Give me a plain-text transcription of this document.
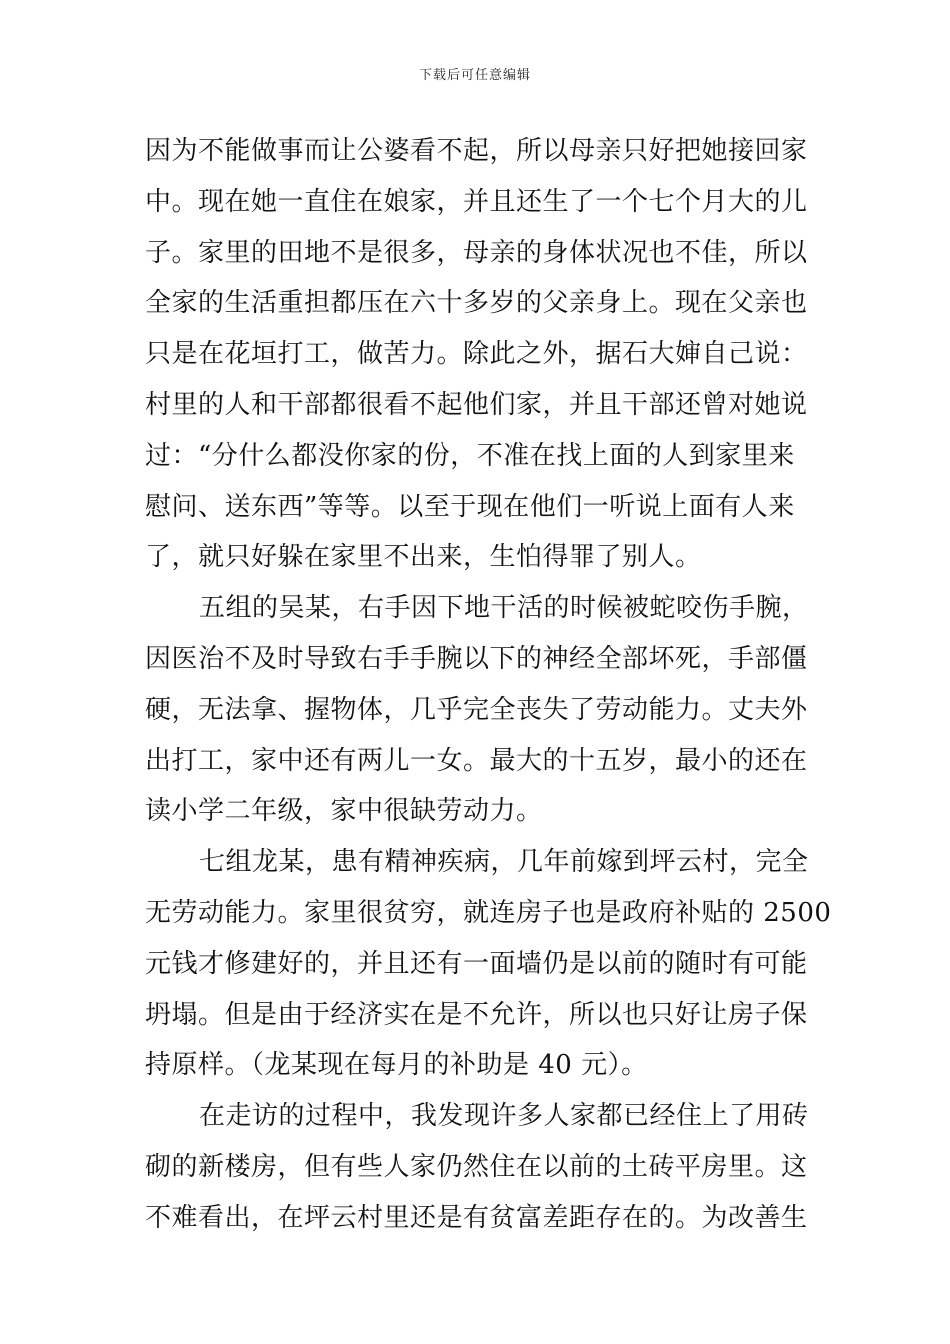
下载后可任意编辑
因为不能做事而让公婆看不起，所以母亲只好把她接回家
中。现在她一直住在娘家，并且还生了一个七个月大的儿
子。家里的田地不是很多，母亲的身体状况也不佳，所以
全家的生活重担都压在六十多岁的父亲身上。现在父亲也
只是在花垣打工，做苦力。除此之外，据石大婶自己说：
村里的人和干部都很看不起他们家，并且干部还曾对她说
过：“分什么都没你家的份，不准在找上面的人到家里来
慰问、送东西”等等。以至于现在他们一听说上面有人来
了，就只好躲在家里不出来，生怕得罪了别人。
五组的吴某，右手因下地干活的时候被蛇咬伤手腕，
因医治不及时导致右手手腕以下的神经全部坏死，手部僵
硬，无法拿、握物体，几乎完全丧失了劳动能力。丈夫外
出打工，家中还有两儿一女。最大的十五岁，最小的还在
读小学二年级，家中很缺劳动力。
七组龙某，患有精神疾病，几年前嫁到坪云村，完全
无劳动能力。家里很贫穷，就连房子也是政府补贴的 2500
元钱才修建好的，并且还有一面墙仍是以前的随时有可能
坍塌。但是由于经济实在是不允许，所以也只好让房子保
持原样。（龙某现在每月的补助是 40 元）。
在走访的过程中，我发现许多人家都已经住上了用砖
砌的新楼房，但有些人家仍然住在以前的土砖平房里。这
不难看出，在坪云村里还是有贫富差距存在的。为改善生
